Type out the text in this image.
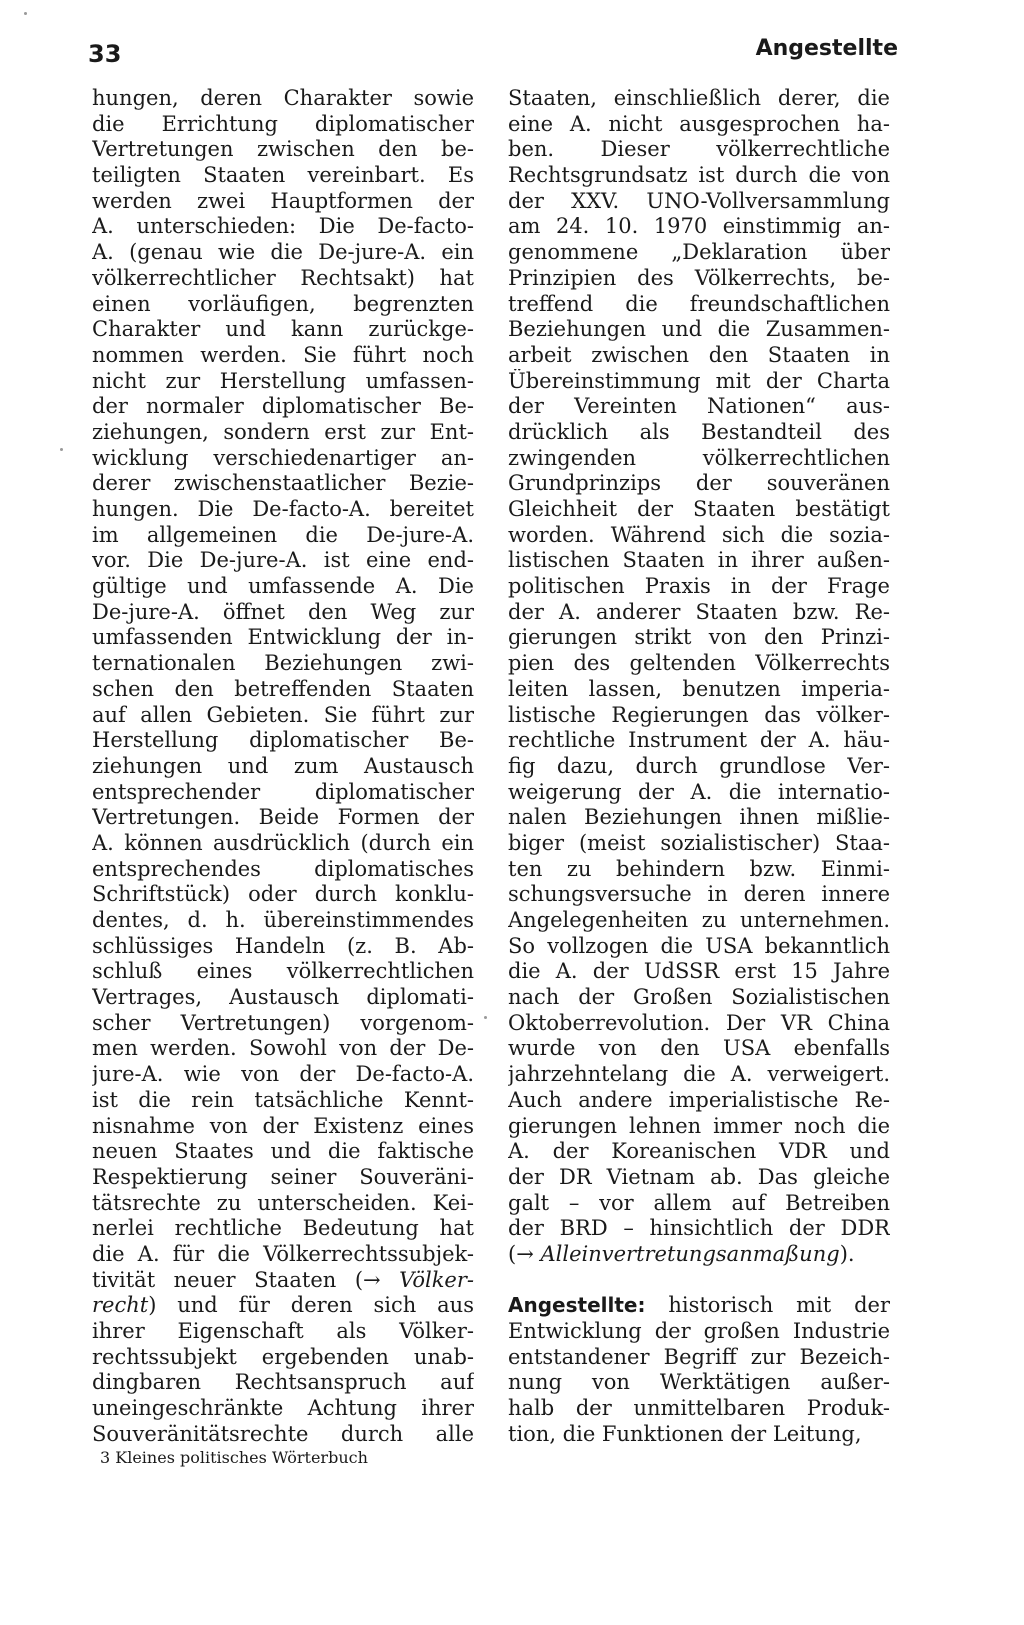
33	Angestellte
hungen, deren Charakter sowie
die Errichtung diplomatischer
Vertretungen zwischen den be-
teiligten Staaten vereinbart. Es
werden zwei Hauptformen der
A. unterschieden: Die De-facto-
A. (genau wie die De-jure-A. ein
völkerrechtlicher Rechtsakt) hat
einen vorläufigen, begrenzten
Charakter und kann zurückge-
nommen werden. Sie führt noch
nicht zur Herstellung umfassen-
der normaler diplomatischer Be-
ziehungen, sondern erst zur Ent-
wicklung verschiedenartiger an-
derer zwischenstaatlicher Bezie-
hungen. Die De-facto-A. bereitet
im allgemeinen die De-jure-A.
vor. Die De-jure-A. ist eine end-
gültige und umfassende A. Die
De-jure-A. öffnet den Weg zur
umfassenden Entwicklung der in-
ternationalen Beziehungen zwi-
schen den betreffenden Staaten
auf allen Gebieten. Sie führt zur
Herstellung diplomatischer Be-
ziehungen und zum Austausch
entsprechender diplomatischer
Vertretungen. Beide Formen der
A. können ausdrücklich (durch ein
entsprechendes diplomatisches
Schriftstück) oder durch konklu-
dentes, d. h. übereinstimmendes
schlüssiges Handeln (z. B. Ab-
schluß eines völkerrechtlichen
Vertrages, Austausch diplomati-
scher Vertretungen) vorgenom-
men werden. Sowohl von der De-
jure-A. wie von der De-facto-A.
ist die rein tatsächliche Kennt-
nisnahme von der Existenz eines
neuen Staates und die faktische
Respektierung seiner Souveräni-
tätsrechte zu unterscheiden. Kei-
nerlei rechtliche Bedeutung hat
die A. für die Völkerrechtssubjek-
tivität neuer Staaten (→ Völker-
recht) und für deren sich aus
ihrer Eigenschaft als Völker-
rechtssubjekt ergebenden unab-
dingbaren Rechtsanspruch auf
uneingeschränkte Achtung ihrer
Souveränitätsrechte durch alle
Staaten, einschließlich derer, die
eine A. nicht ausgesprochen ha-
ben. Dieser völkerrechtliche
Rechtsgrundsatz ist durch die von
der XXV. UNO-Vollversammlung
am 24. 10. 1970 einstimmig an-
genommene „Deklaration über
Prinzipien des Völkerrechts, be-
treffend die freundschaftlichen
Beziehungen und die Zusammen-
arbeit zwischen den Staaten in
Übereinstimmung mit der Charta
der Vereinten Nationen“ aus-
drücklich als Bestandteil des
zwingenden völkerrechtlichen
Grundprinzips der souveränen
Gleichheit der Staaten bestätigt
worden. Während sich die sozia-
listischen Staaten in ihrer außen-
politischen Praxis in der Frage
der A. anderer Staaten bzw. Re-
gierungen strikt von den Prinzi-
pien des geltenden Völkerrechts
leiten lassen, benutzen imperia-
listische Regierungen das völker-
rechtliche Instrument der A. häu-
fig dazu, durch grundlose Ver-
weigerung der A. die internatio-
nalen Beziehungen ihnen mißlie-
biger (meist sozialistischer) Staa-
ten zu behindern bzw. Einmi-
schungsversuche in deren innere
Angelegenheiten zu unternehmen.
So vollzogen die USA bekanntlich
die A. der UdSSR erst 15 Jahre
nach der Großen Sozialistischen
Oktoberrevolution. Der VR China
wurde von den USA ebenfalls
jahrzehntelang die A. verweigert.
Auch andere imperialistische Re-
gierungen lehnen immer noch die
A. der Koreanischen VDR und
der DR Vietnam ab. Das gleiche
galt – vor allem auf Betreiben
der BRD – hinsichtlich der DDR
(→ Alleinvertretungsanmaßung).
Angestellte: historisch mit der
Entwicklung der großen Industrie
entstandener Begriff zur Bezeich-
nung von Werktätigen außer-
halb der unmittelbaren Produk-
tion, die Funktionen der Leitung,
3 Kleines politisches Wörterbuch
